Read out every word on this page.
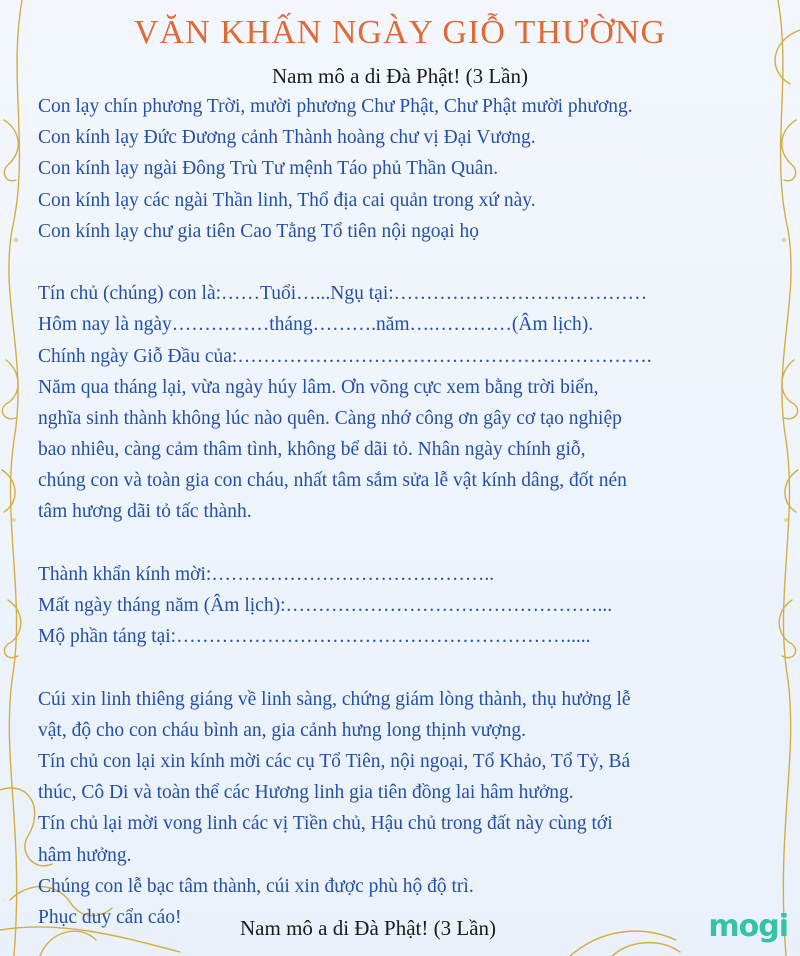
VĂN KHẤN NGÀY GIỖ THƯỜNG
Nam mô a di Đà Phật! (3 Lần)
Con lạy chín phương Trời, mười phương Chư Phật, Chư Phật mười phương.
Con kính lạy Đức Đương cảnh Thành hoàng chư vị Đại Vương.
Con kính lạy ngài Đông Trù Tư mệnh Táo phủ Thần Quân.
Con kính lạy các ngài Thần linh, Thổ địa cai quản trong xứ này.
Con kính lạy chư gia tiên Cao Tằng Tổ tiên nội ngoại họ
Tín chủ (chúng) con là:……Tuổi…...Ngụ tại:…………………………………
Hôm nay là ngày……………tháng……….năm….…………(Âm lịch).
Chính ngày Giỗ Đầu của:……………………………………………………….
Năm qua tháng lại, vừa ngày húy lâm. Ơn võng cực xem bằng trời biển,
nghĩa sinh thành không lúc nào quên. Càng nhớ công ơn gây cơ tạo nghiệp
bao nhiêu, càng cảm thâm tình, không bể dãi tỏ. Nhân ngày chính giỗ,
chúng con và toàn gia con cháu, nhất tâm sắm sửa lễ vật kính dâng, đốt nén
tâm hương dãi tỏ tấc thành.
Thành khẩn kính mời:……………………………………..
Mất ngày tháng năm (Âm lịch):…………………………………………...
Mộ phần táng tại:…………………………………………………….....
Cúi xin linh thiêng giáng về linh sàng, chứng giám lòng thành, thụ hưởng lễ
vật, độ cho con cháu bình an, gia cảnh hưng long thịnh vượng.
Tín chủ con lại xin kính mời các cụ Tổ Tiên, nội ngoại, Tổ Khảo, Tổ Tỷ, Bá
thúc, Cô Di và toàn thể các Hương linh gia tiên đồng lai hâm hưởng.
Tín chủ lại mời vong linh các vị Tiền chủ, Hậu chủ trong đất này cùng tới
hâm hưởng.
Chúng con lễ bạc tâm thành, cúi xin được phù hộ độ trì.
Phục duy cẩn cáo!	Nam mô a di Đà Phật! (3 Lần)	mogi
